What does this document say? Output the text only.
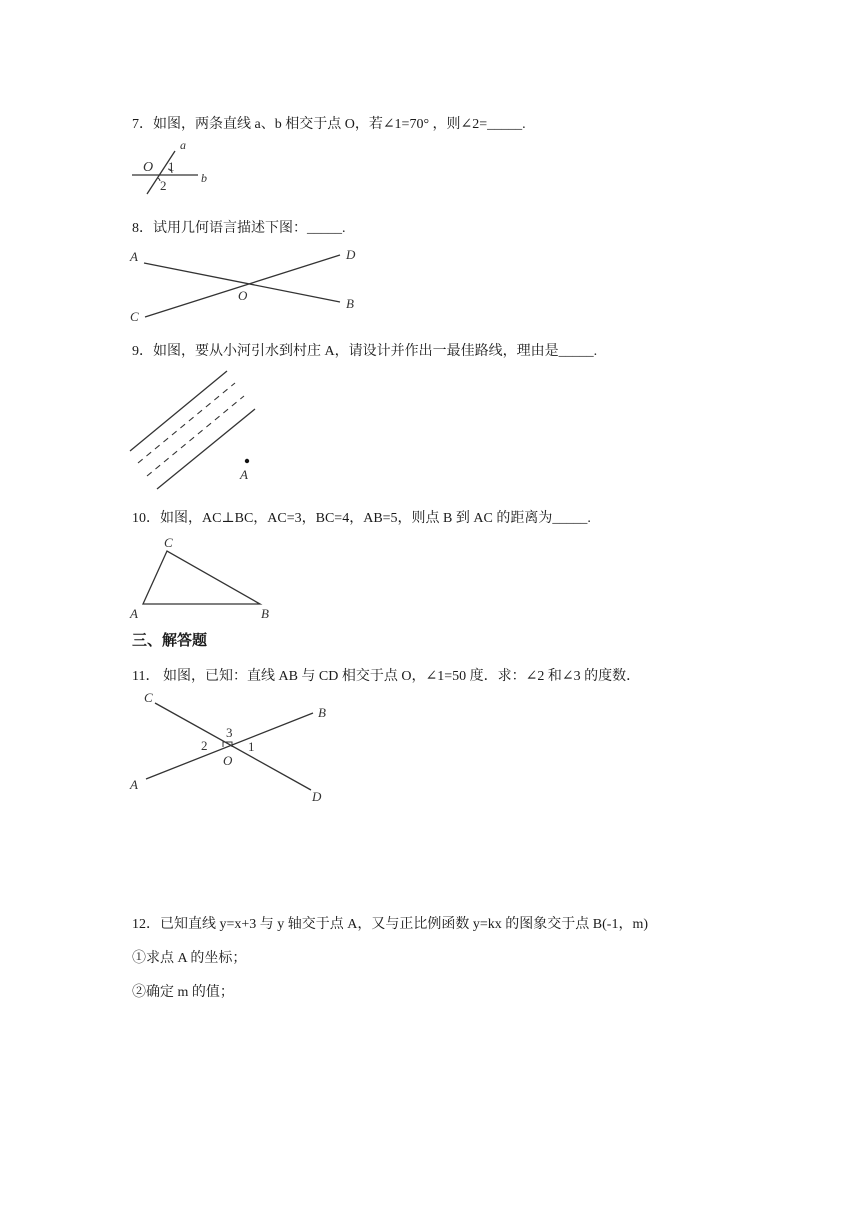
7．如图，两条直线 a、b 相交于点 O，若∠1=70° ，则∠2=_____.
a
b
O 1
2
8．试用几何语言描述下图：_____.
A
B
C
D
O
9．如图，要从小河引水到村庄 A，请设计并作出一最佳路线，理由是_____.
A
10．如图，AC⊥BC，AC=3，BC=4，AB=5，则点 B 到 AC 的距离为_____.
A	B
C
三、解答题
11． 如图，已知：直线 AB 与 CD 相交于点 O，∠1=50 度．求：∠2 和∠3 的度数．
C
B
A
D
O
1
2
3
12．已知直线 y=x+3 与 y 轴交于点 A，又与正比例函数 y=kx 的图象交于点 B(-1，m)
①求点 A 的坐标；
②确定 m 的值；
